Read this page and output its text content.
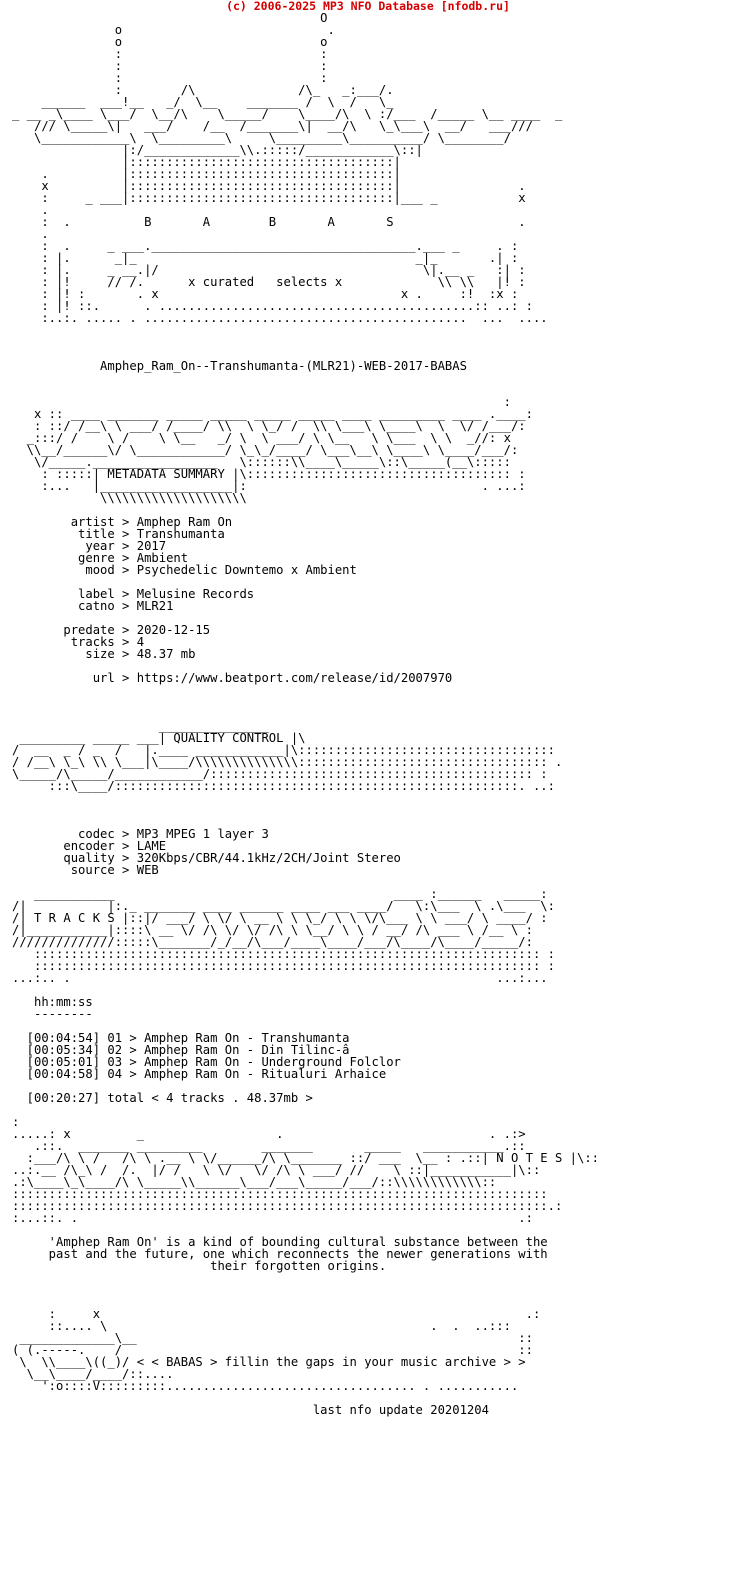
(c) 2006-2025 MP3 NFO Database [nfodb.ru]
O
o                            .
o                           o
:                           :
:                           :
:                           :
:        /\              /\_   _:___/.
______  ___!__   _/  \__    _______ /  \  /   \_
_ __ _\____ \___/  \__/\    \_____/    \____/\  \ :/___  /_____ \__ ____  _
/// \_____\|   ___/    /__  /_______\|  __/\   \_\___\  __/   ___///
\____________\  \_________\     \_________\__________/ \________/
|:/_____________\\.:::::/____________\::|
|::::::::::::::::::::::::::::::::::::|
.          |::::::::::::::::::::::::::::::::::::|
x          |::::::::::::::::::::::::::::::::::::|                .
:     _ ___|::::::::::::::::::::::::::::::::::::|___ _           x
.
:  .          B       A        B       A       S                 .
.
:  .     _ ___.____________________________________.___ _     . :
: |.      _|_                                      _|_       .| :
: |.     _ __.|/                                    \|.__ _   :| :
: |!     // /.      x curated   selects x             \\ \\   |! :
: |! :       . x                                 x .     :!  :x :
: |! ::.      . ...........................................:: ..: :
:..:. ..... . ............................................  ...  ....

Amphep_Ram_On--Transhumanta-(MLR21)-WEB-2017-BABAS

:
x :: ____ _______ _____ _____ _____ _____ ____ _________ ____ .____:
: ::/ /__\ \ ___/ /____/ \\  \ \_/ /  \\ \___\ \____\  \  \/ /___/:
_:::/ /    \ /    \ \__   _/ \  \ ___/ \ \__   \ \___  \ \  _//: x
\\__/______\/ \____________/ \_\_/____/ \___\__\ \____\ \____/___/:
\/_____._________________   \::::::\\____\_____\::\_____(__\:::::
: :::::| METADATA SUMMARY |\:::::::::::::::::::::::::::::::::::: :
:...   |__________________|:                                . ...:
\\\\\\\\\\\\\\\\\\\\

artist > Amphep Ram On
title > Transhumanta
year > 2017
genre > Ambient
mood > Psychedelic Downtemo x Ambient

label > Melusine Records
catno > MLR21

predate > 2020-12-15
tracks > 4
size > 48.37 mb

url > https://www.beatport.com/release/id/2007970

_______________
_________ _____ ___| QUALITY CONTROL |\
/  __  _ / _  /   |.____ ____________|\:::::::::::::::::::::::::::::::::::
/ /__\ \_\ \\ \___|\____/\\\\\\\\\\\\\\:::::::::::::::::::::::::::::::::: .
\_____/\_____/____________/:::::::::::::::::::::::::::::::::::::::::::: :
:::\____/:::::::::::::::::::::::::::::::::::::::::::::::::::::::. ..:

codec > MP3 MPEG 1 layer 3
encoder > LAME
quality > 320Kbps/CBR/44.1kHz/2CH/Joint Stereo
source > WEB

___________                                      ____ :______   _____:
/|           |:._ _______ ____ ______ ____ ___ ____/   \:\___  \ .\___  \:
/| T R A C K S |::|/ ___/ \ \/ \ __ \ \ \_/ \ \ \/\___ \ \ ___/ \ ____/ :
/|___________|::::\ __ \/ /\ \/ \/ /\ \ \__/ \ \ / __/ /\ ___ \ /__ \ :
//////////////:::::\_______/_/__/\___/____\____/___/\____/\____/_____/:
::::::::::::::::::::::::::::::::::::::::::::::::::::::::::::::::::::: :
::::::::::::::::::::::::::::::::::::::::::::::::::::::::::::::::::::: :
...:.. .                                                          ...:...

hh:mm:ss
--------

[00:04:54] 01 > Amphep Ram On - Transhumanta
[00:05:34] 02 > Amphep Ram On - Din Tilinc-â
[00:05:01] 03 > Amphep Ram On - Underground Folclor
[00:04:58] 04 > Amphep Ram On - Ritualuri Arhaice

[00:20:27] total < 4 tracks . 48.37mb >

:
.....: x         _                  .                            . .:>
.::.  _______ _________        _______       _____   ___________.::
:___/\ \ /   /\ \ .__ \ \/______/\ \_______ ::/ ___  \__ : .::| N O T E S |\::
..:.__ /\_\ /  /.  |/ /   \ \/   \/ /\ \ ___/ //    \ ::|___________|\::
.:\____\_\____/\ \_____\\______\___/___\_____/___/::\\\\\\\\\\\\::
:::::::::::::::::::::::::::::::::::::::::::::::::::::::::::::::::::::::::
:::::::::::::::::::::::::::::::::::::::::::::::::::::::::::::::::::::::::.:
:...::. .                                                            .:

'Amphep Ram On' is a kind of bounding cultural substance between the
past and the future, one which reconnects the newer generations with
their forgotten origins.

:     x                                                          .:
::.... \                                            .  .  ..:::
_____________\__                                                    ::
( (.-----.    /                                                      ::
\  \\____\((_)/ < < BABAS > fillin the gaps in your music archive > >
\__\____/____/::....
':o::::V:::::::::.................................. . ...........

last nfo update 20201204
